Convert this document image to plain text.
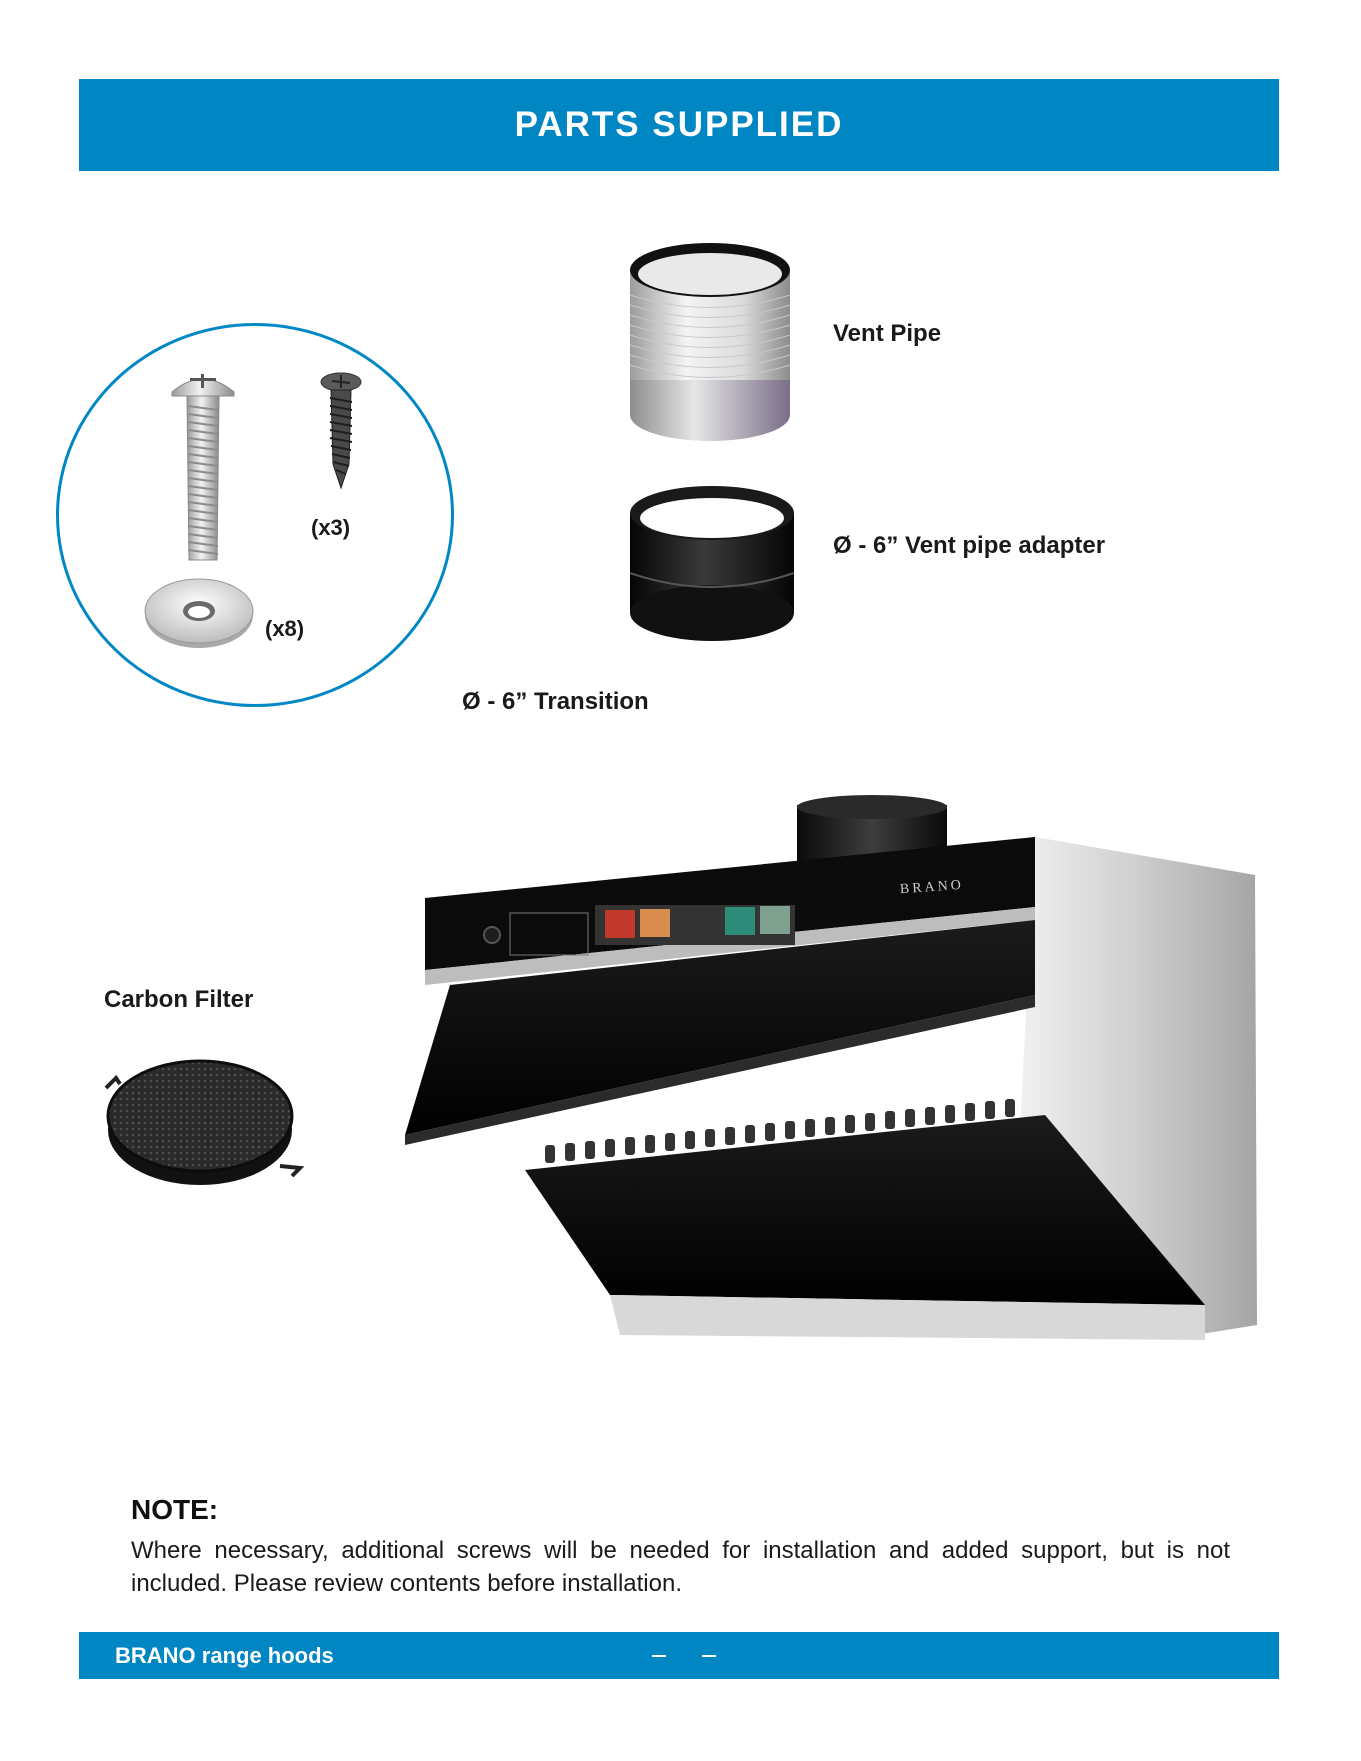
PARTS SUPPLIED
(x3)
(x8)
Vent Pipe
Ø - 6” Vent pipe adapter
Ø - 6” Transition
Carbon Filter
BRANO
NOTE:
Where necessary, additional screws will be needed for installation and added support, but is not included. Please review contents before installation.
BRANO range hoods
